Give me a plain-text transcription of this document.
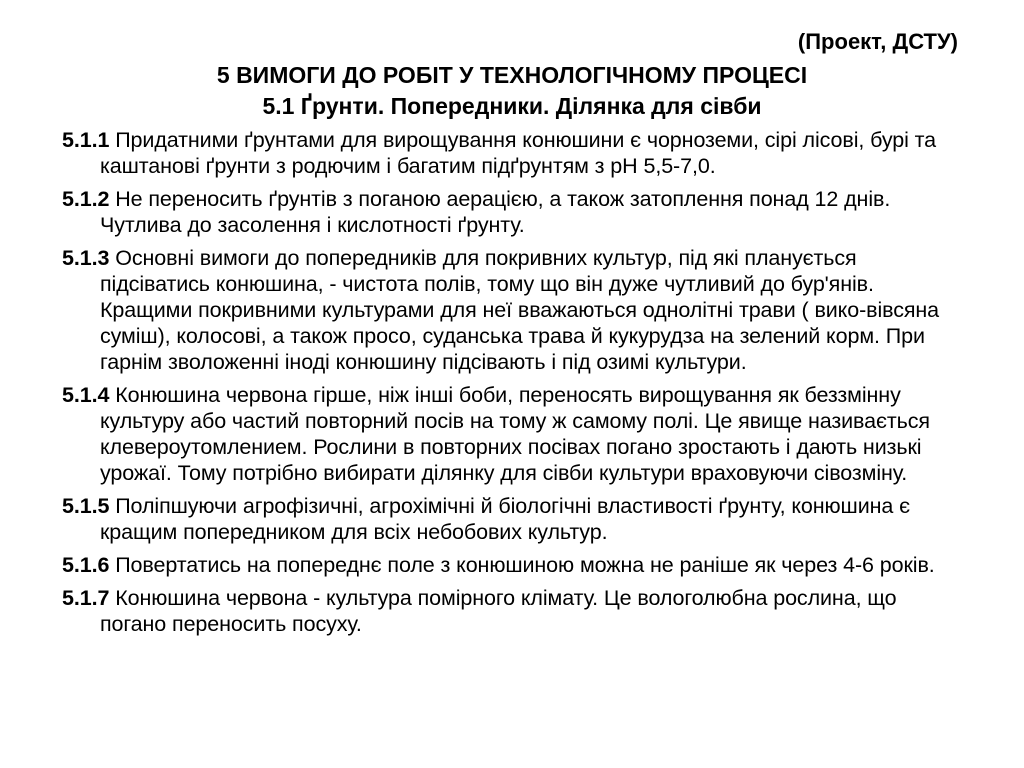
(Проект, ДСТУ)
5 ВИМОГИ ДО РОБІТ У ТЕХНОЛОГІЧНОМУ ПРОЦЕСІ
5.1 Ґрунти. Попередники. Ділянка для сівби
5.1.1 Придатними ґрунтами для вирощування конюшини є чорноземи, сірі лісові, бурі та каштанові ґрунти з родючим і багатим підґрунтям з рН 5,5-7,0.
5.1.2 Не переносить ґрунтів з поганою аерацією, а також затоплення понад 12 днів. Чутлива до засолення і кислотності ґрунту.
5.1.3 Основні вимоги до попередників для покривних культур, під які планується підсіватись конюшина, - чистота полів, тому що він дуже чутливий до бур'янів. Кращими покривними культурами для неї вважаються однолітні трави ( вико-вівсяна суміш), колосові, а також просо, суданська трава й кукурудза на зелений корм. При гарнім зволоженні іноді конюшину підсівають і під озимі культури.
5.1.4 Конюшина червона гірше, ніж інші боби, переносять вирощування як беззмінну культуру або частий повторний посів на тому ж самому полі. Це явище називається клевероутомлением. Рослини в повторних посівах погано зростають і дають низькі урожаї. Тому потрібно вибирати ділянку для сівби культури враховуючи сівозміну.
5.1.5 Поліпшуючи агрофізичні, агрохімічні й біологічні властивості ґрунту, конюшина є кращим попередником для всіх небобових культур.
5.1.6 Повертатись на попереднє поле з конюшиною можна не раніше як через 4-6 років.
5.1.7 Конюшина червона - культура помірного клімату. Це вологолюбна рослина, що погано переносить посуху.
